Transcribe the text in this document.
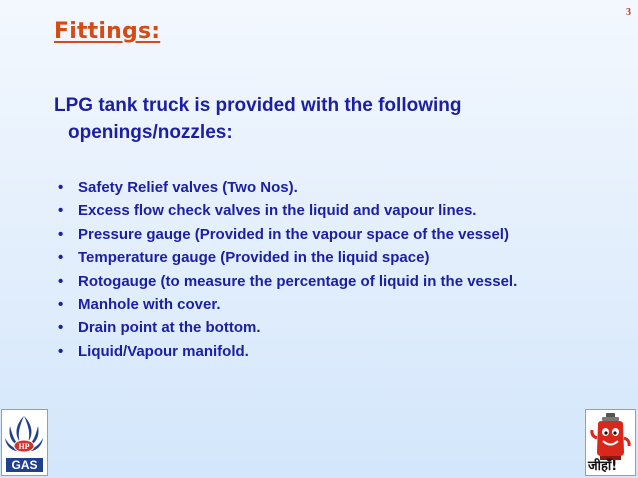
3
Fittings:
LPG tank truck is provided with the following
openings/nozzles:
• Safety Relief valves (Two Nos).
• Excess flow check valves in the liquid and vapour lines.
• Pressure gauge (Provided in the vapour space of the vessel)
• Temperature gauge (Provided in the liquid space)
• Rotogauge (to measure the percentage of liquid in the vessel.
• Manhole with cover.
• Drain point at the bottom.
• Liquid/Vapour manifold.
HP
GAS	जीहाँ!
